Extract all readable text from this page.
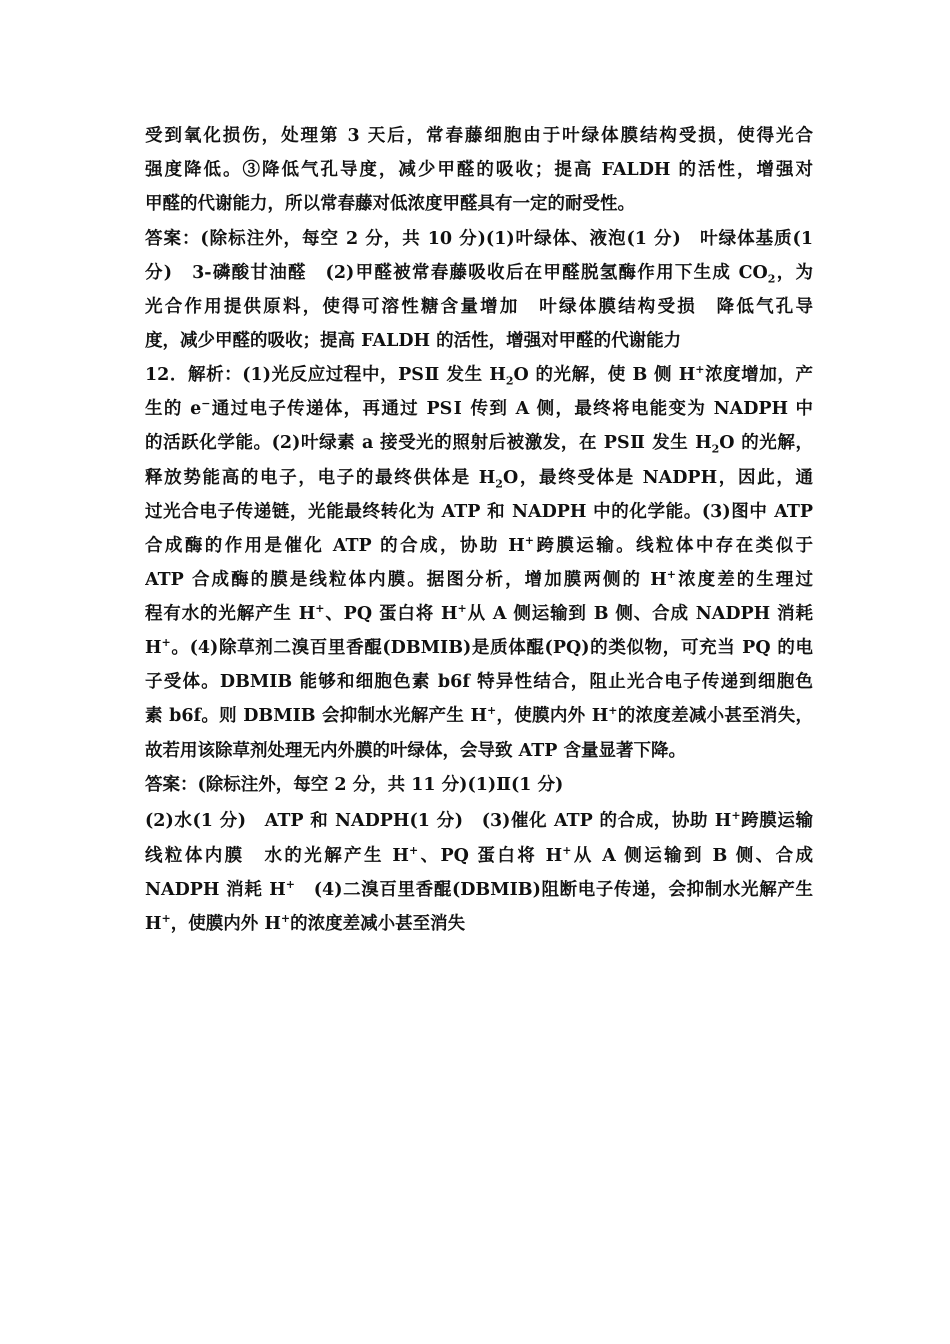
受到氧化损伤，处理第 3 天后，常春藤细胞由于叶绿体膜结构受损，使得光合
强度降低。③降低气孔导度，减少甲醛的吸收；提高 FALDH 的活性，增强对
甲醛的代谢能力，所以常春藤对低浓度甲醛具有一定的耐受性。
答案：(除标注外，每空 2 分，共 10 分)(1)叶绿体、液泡(1 分)　叶绿体基质(1
分)　3-磷酸甘油醛　(2)甲醛被常春藤吸收后在甲醛脱氢酶作用下生成 $CO_2$，为
光合作用提供原料，使得可溶性糖含量增加　叶绿体膜结构受损　降低气孔导
度，减少甲醛的吸收；提高 FALDH 的活性，增强对甲醛的代谢能力
12．解析：(1)光反应过程中，PSⅡ 发生 $H_2O$ 的光解，使 B 侧 H+浓度增加，产
生的 e−通过电子传递体，再通过 PSⅠ 传到 A 侧，最终将电能变为 NADPH 中
的活跃化学能。(2)叶绿素 a 接受光的照射后被激发，在 PSⅡ 发生 $H_2O$ 的光解，
释放势能高的电子，电子的最终供体是 $H_2O$，最终受体是 NADPH，因此，通
过光合电子传递链，光能最终转化为 ATP 和 NADPH 中的化学能。(3)图中 ATP
合成酶的作用是催化 ATP 的合成，协助 H+跨膜运输。线粒体中存在类似于
ATP 合成酶的膜是线粒体内膜。据图分析，增加膜两侧的 H+浓度差的生理过
程有水的光解产生 H+、PQ 蛋白将 H+从 A 侧运输到 B 侧、合成 NADPH 消耗
H+。(4)除草剂二溴百里香醌(DBMIB)是质体醌(PQ)的类似物，可充当 PQ 的电
子受体。DBMIB 能够和细胞色素 b6f 特异性结合，阻止光合电子传递到细胞色
素 b6f。则 DBMIB 会抑制水光解产生 H+，使膜内外 H+的浓度差减小甚至消失，
故若用该除草剂处理无内外膜的叶绿体，会导致 ATP 含量显著下降。
答案：(除标注外，每空 2 分，共 11 分)(1)Ⅱ(1 分)
(2)水(1 分)　ATP 和 NADPH(1 分)　(3)催化 ATP 的合成，协助 H+跨膜运输
线粒体内膜　水的光解产生 H+、PQ 蛋白将 H+从 A 侧运输到 B 侧、合成
NADPH 消耗 H+　(4)二溴百里香醌(DBMIB)阻断电子传递，会抑制水光解产生
H+，使膜内外 H+的浓度差减小甚至消失
